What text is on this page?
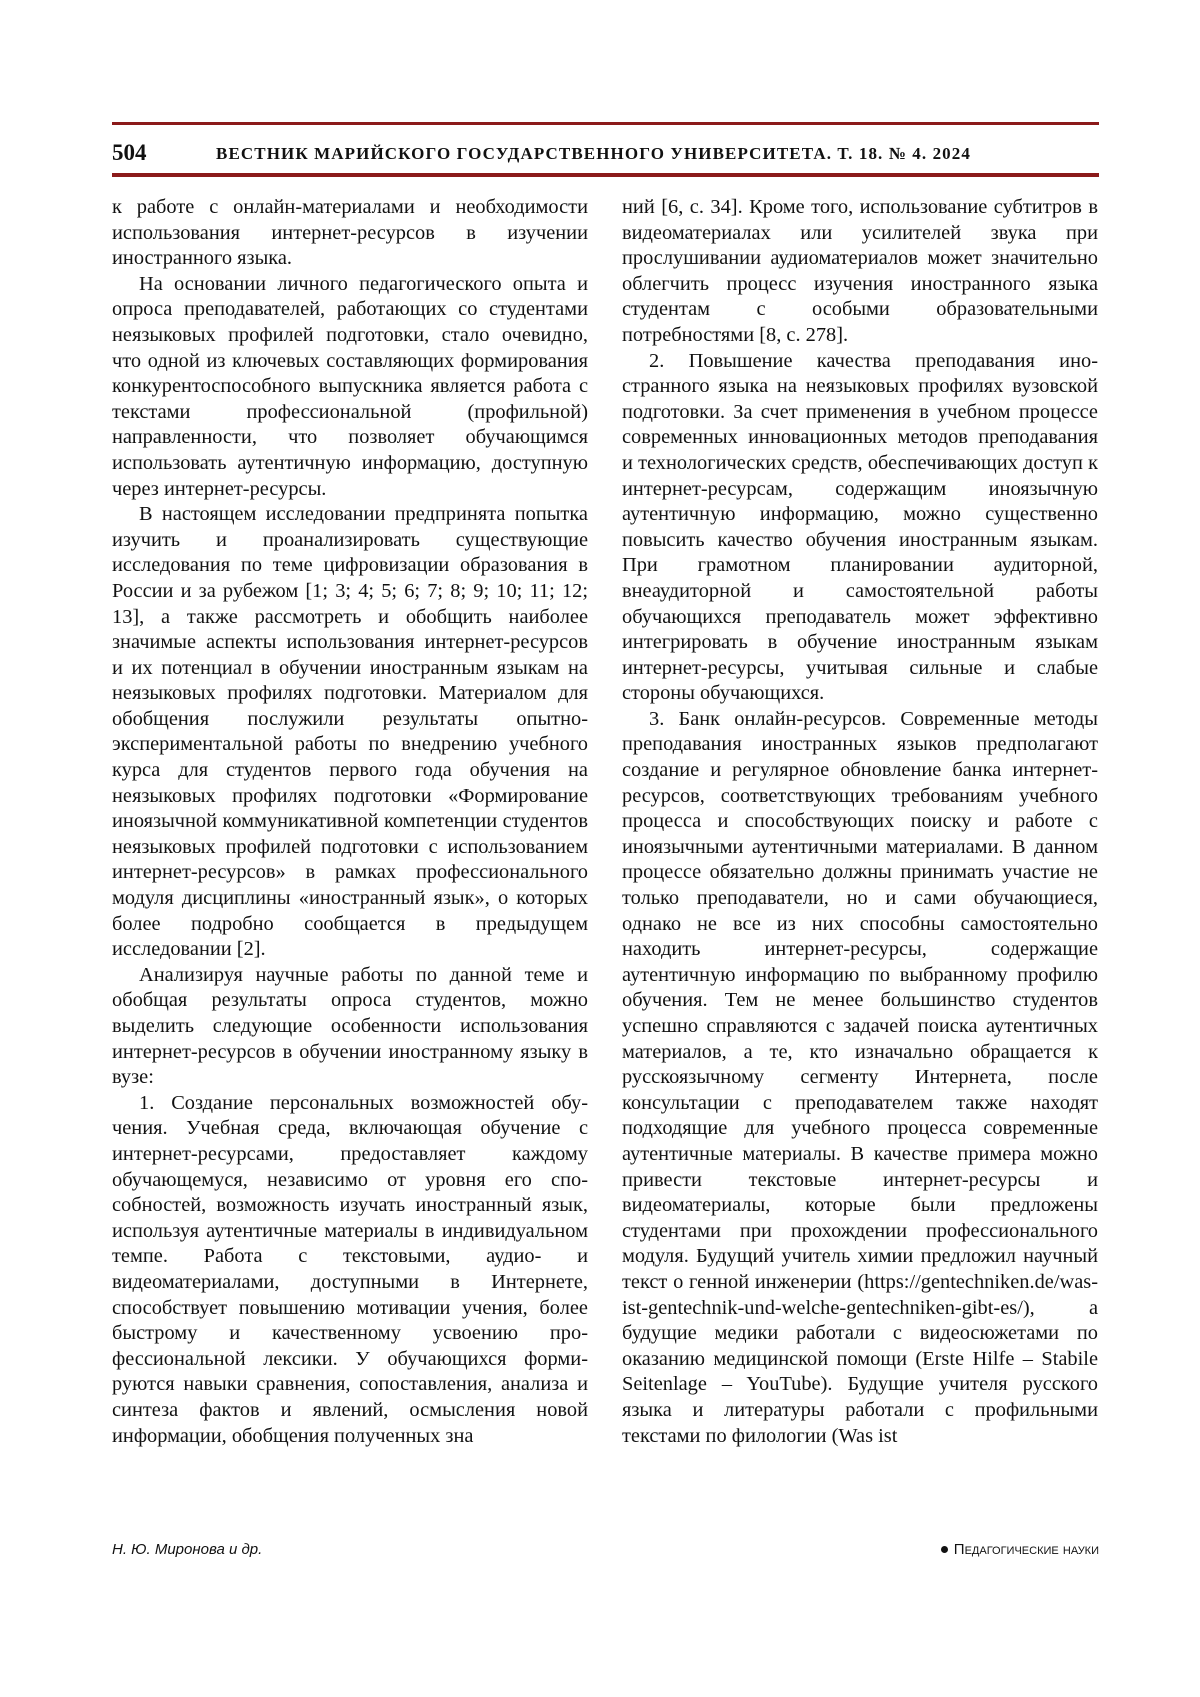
504	ВЕСТНИК МАРИЙСКОГО ГОСУДАРСТВЕННОГО УНИВЕРСИТЕТА. Т. 18. № 4. 2024

к работе с онлайн-материалами и необходимости использования интернет-ресурсов в изучении иностранного языка.

На основании личного педагогического опыта и опроса преподавателей, работающих со студентами неязыковых профилей подготовки, стало очевидно, что одной из ключевых составляющих формирования конкурентоспособного выпускника является работа с текстами профессиональной (профильной) направленности, что позволяет обучающимся использовать аутентичную информацию, доступную через интернет-ресурсы.

В настоящем исследовании предпринята попытка изучить и проанализировать существующие исследования по теме цифровизации образования в России и за рубежом [1; 3; 4; 5; 6; 7; 8; 9; 10; 11; 12; 13], а также рассмотреть и обобщить наиболее значимые аспекты использования интернет-ресурсов и их потенциал в обучении иностранным языкам на неязыковых профилях подготовки. Материалом для обобщения послужили результаты опытно-экспериментальной работы по внедрению учебного курса для студентов первого года обучения на неязыковых профилях подготовки «Формирование иноязычной коммуникативной компетенции студентов неязыковых профилей подготовки с использованием интернет-ресурсов» в рамках профессионального модуля дисциплины «иностранный язык», о которых более подробно сообщается в предыдущем исследовании [2].

Анализируя научные работы по данной теме и обобщая результаты опроса студентов, можно выделить следующие особенности использования интернет-ресурсов в обучении иностранному языку в вузе:

1. Создание персональных возможностей обучения. Учебная среда, включающая обучение с интернет-ресурсами, предоставляет каждому обучающемуся, независимо от уровня его способностей, возможность изучать иностранный язык, используя аутентичные материалы в индивидуальном темпе. Работа с текстовыми, аудио- и видеоматериалами, доступными в Интернете, способствует повышению мотивации учения, более быстрому и качественному усвоению профессиональной лексики. У обучающихся формируются навыки сравнения, сопоставления, анализа и синтеза фактов и явлений, осмысления новой информации, обобщения полученных зна

ний [6, с. 34]. Кроме того, использование субтитров в видеоматериалах или усилителей звука при прослушивании аудиоматериалов может значительно облегчить процесс изучения иностранного языка студентам с особыми образовательными потребностями [8, с. 278].

2. Повышение качества преподавания иностранного языка на неязыковых профилях вузовской подготовки. За счет применения в учебном процессе современных инновационных методов преподавания и технологических средств, обеспечивающих доступ к интернет-ресурсам, содержащим иноязычную аутентичную информацию, можно существенно повысить качество обучения иностранным языкам. При грамотном планировании аудиторной, внеаудиторной и самостоятельной работы обучающихся преподаватель может эффективно интегрировать в обучение иностранным языкам интернет-ресурсы, учитывая сильные и слабые стороны обучающихся.

3. Банк онлайн-ресурсов. Современные методы преподавания иностранных языков предполагают создание и регулярное обновление банка интернет-ресурсов, соответствующих требованиям учебного процесса и способствующих поиску и работе с иноязычными аутентичными материалами. В данном процессе обязательно должны принимать участие не только преподаватели, но и сами обучающиеся, однако не все из них способны самостоятельно находить интернет-ресурсы, содержащие аутентичную информацию по выбранному профилю обучения. Тем не менее большинство студентов успешно справляются с задачей поиска аутентичных материалов, а те, кто изначально обращается к русскоязычному сегменту Интернета, после консультации с преподавателем также находят подходящие для учебного процесса современные аутентичные материалы. В качестве примера можно привести текстовые интернет-ресурсы и видеоматериалы, которые были предложены студентами при прохождении профессионального модуля. Будущий учитель химии предложил научный текст о генной инженерии (https://gentechniken.de/was-ist-gentechnik-und-welche-gentechniken-gibt-es/), а будущие медики работали с видеосюжетами по оказанию медицинской помощи (Erste Hilfe – Stabile Seitenlage – YouTube). Будущие учителя русского языка и литературы работали с профильными текстами по филологии (Was ist

Н. Ю. Миронова и др.	Педагогические науки
